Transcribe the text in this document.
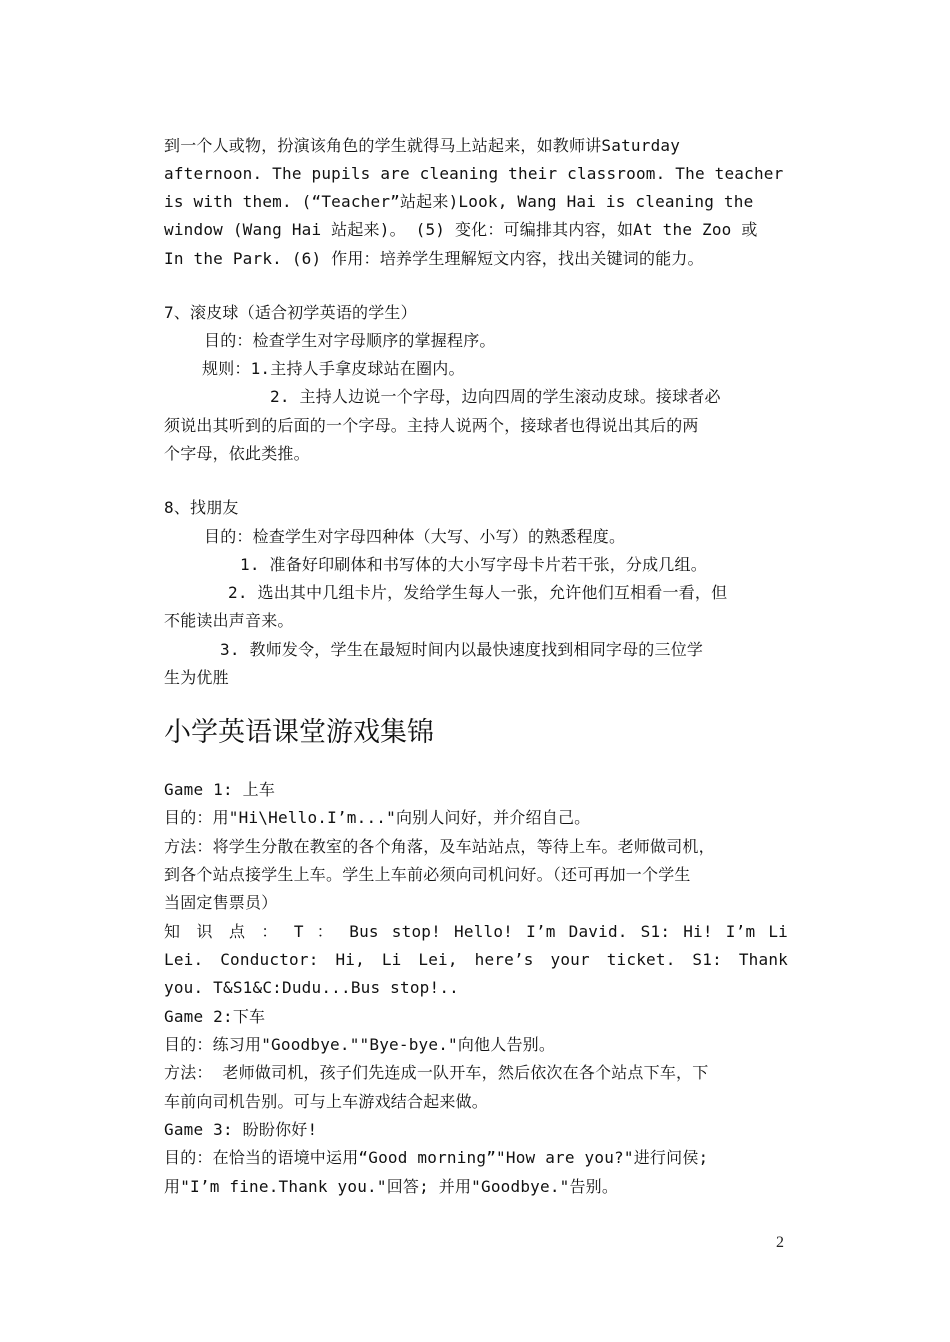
到一个人或物，扮演该角色的学生就得马上站起来，如教师讲Saturday
afternoon. The pupils are cleaning their classroom. The teacher
is with them. (“Teacher”站起来)Look, Wang Hai is cleaning the
window (Wang Hai 站起来)。 (5) 变化：可编排其内容，如At the Zoo 或
In the Park. (6) 作用：培养学生理解短文内容，找出关键词的能力。
7、滚皮球（适合初学英语的学生）
目的：检查学生对字母顺序的掌握程序。
规则：1.主持人手拿皮球站在圈内。
2. 主持人边说一个字母，边向四周的学生滚动皮球。接球者必
须说出其听到的后面的一个字母。主持人说两个，接球者也得说出其后的两
个字母，依此类推。
8、找朋友
目的：检查学生对字母四种体（大写、小写）的熟悉程度。
1. 准备好印刷体和书写体的大小写字母卡片若干张，分成几组。
2. 选出其中几组卡片，发给学生每人一张，允许他们互相看一看，但
不能读出声音来。
3. 教师发令，学生在最短时间内以最快速度找到相同字母的三位学
生为优胜
小学英语课堂游戏集锦
Game 1: 上车
目的：用"Hi\Hello.I’m..."向别人问好，并介绍自己。
方法：将学生分散在教室的各个角落，及车站站点，等待上车。老师做司机，
到各个站点接学生上车。学生上车前必须向司机问好。（还可再加一个学生
当固定售票员）
知 识 点 ： T ： Bus stop! Hello! I’m David. S1: Hi! I’m Li
Lei. Conductor: Hi, Li Lei, here’s your ticket. S1: Thank
you. T&S1&C:Dudu...Bus stop!..
Game 2:下车
目的：练习用"Goodbye.""Bye-bye."向他人告别。
方法： 老师做司机，孩子们先连成一队开车，然后依次在各个站点下车，下
车前向司机告别。可与上车游戏结合起来做。
Game 3: 盼盼你好!
目的：在恰当的语境中运用“Good morning”"How are you?"进行问侯;
用"I’m fine.Thank you."回答; 并用"Goodbye."告别。
2
